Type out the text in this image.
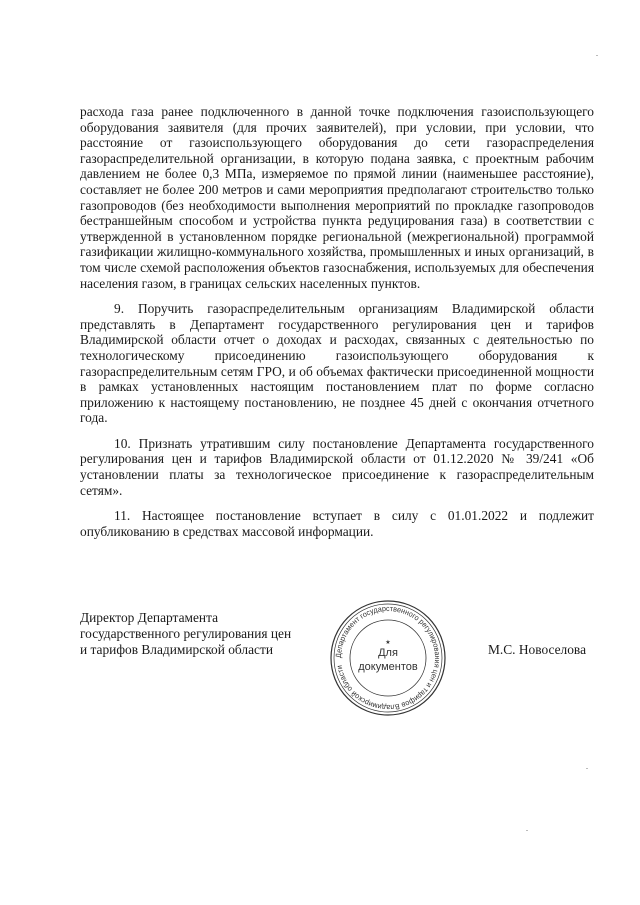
расхода газа ранее подключенного в данной точке подключения газоиспользующего оборудования заявителя (для прочих заявителей), при условии, при условии, что расстояние от газоиспользующего оборудования до сети газораспределения газораспределительной организации, в которую подана заявка, с проектным рабочим давлением не более 0,3 МПа, измеряемое по прямой линии (наименьшее расстояние), составляет не более 200 метров и сами мероприятия предполагают строительство только газопроводов (без необходимости выполнения мероприятий по прокладке газопроводов бестраншейным способом и устройства пункта редуцирования газа) в соответствии с утвержденной в установленном порядке региональной (межрегиональной) программой газификации жилищно-коммунального хозяйства, промышленных и иных организаций, в том числе схемой расположения объектов газоснабжения, используемых для обеспечения населения газом, в границах сельских населенных пунктов.

9. Поручить газораспределительным организациям Владимирской области представлять в Департамент государственного регулирования цен и тарифов Владимирской области отчет о доходах и расходах, связанных с деятельностью по технологическому присоединению газоиспользующего оборудования к газораспределительным сетям ГРО, и об объемах фактически присоединенной мощности в рамках установленных настоящим постановлением плат по форме согласно приложению к настоящему постановлению, не позднее 45 дней с окончания отчетного года.

10. Признать утратившим силу постановление Департамента государственного регулирования цен и тарифов Владимирской области от 01.12.2020 № 39/241 «Об установлении платы за технологическое присоединение к газораспределительным сетям».

11. Настоящее постановление вступает в силу с 01.01.2022 и подлежит опубликованию в средствах массовой информации.

Директор Департамента
государственного регулирования цен
и тарифов Владимирской области	Департамент государственного регулирования цен и тарифов Владимирской области
★
Для
документов
М.С. Новоселова
